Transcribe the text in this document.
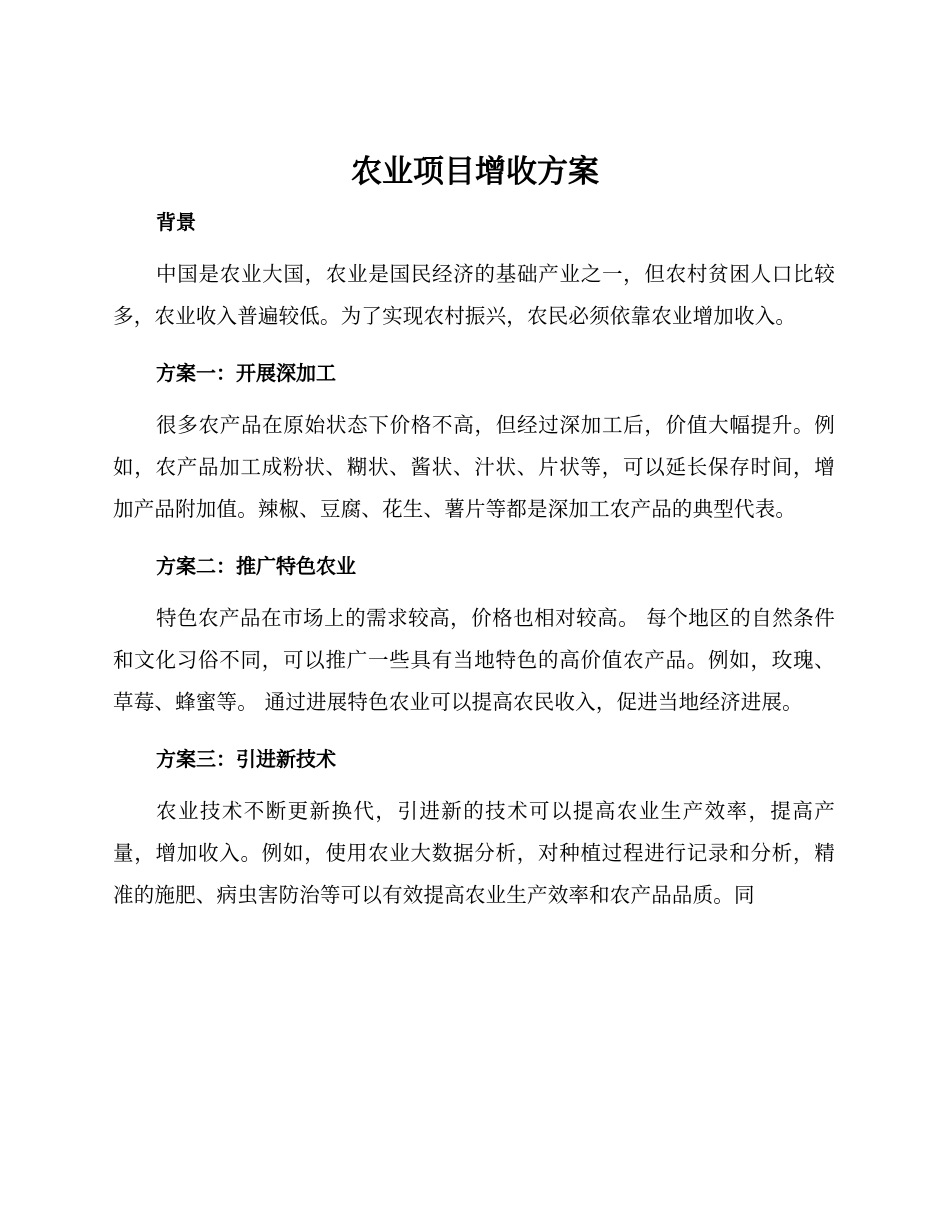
农业项目增收方案

背景

中国是农业大国，农业是国民经济的基础产业之一，但农村贫困人口比较多，农业收入普遍较低。为了实现农村振兴，农民必须依靠农业增加收入。

方案一：开展深加工

很多农产品在原始状态下价格不高，但经过深加工后，价值大幅提升。例如，农产品加工成粉状、糊状、酱状、汁状、片状等，可以延长保存时间，增加产品附加值。辣椒、豆腐、花生、薯片等都是深加工农产品的典型代表。

方案二：推广特色农业

特色农产品在市场上的需求较高，价格也相对较高。 每个地区的自然条件和文化习俗不同，可以推广一些具有当地特色的高价值农产品。例如，玫瑰、草莓、蜂蜜等。 通过进展特色农业可以提高农民收入，促进当地经济进展。

方案三：引进新技术

农业技术不断更新换代，引进新的技术可以提高农业生产效率，提高产量，增加收入。例如，使用农业大数据分析，对种植过程进行记录和分析，精准的施肥、病虫害防治等可以有效提高农业生产效率和农产品品质。同
